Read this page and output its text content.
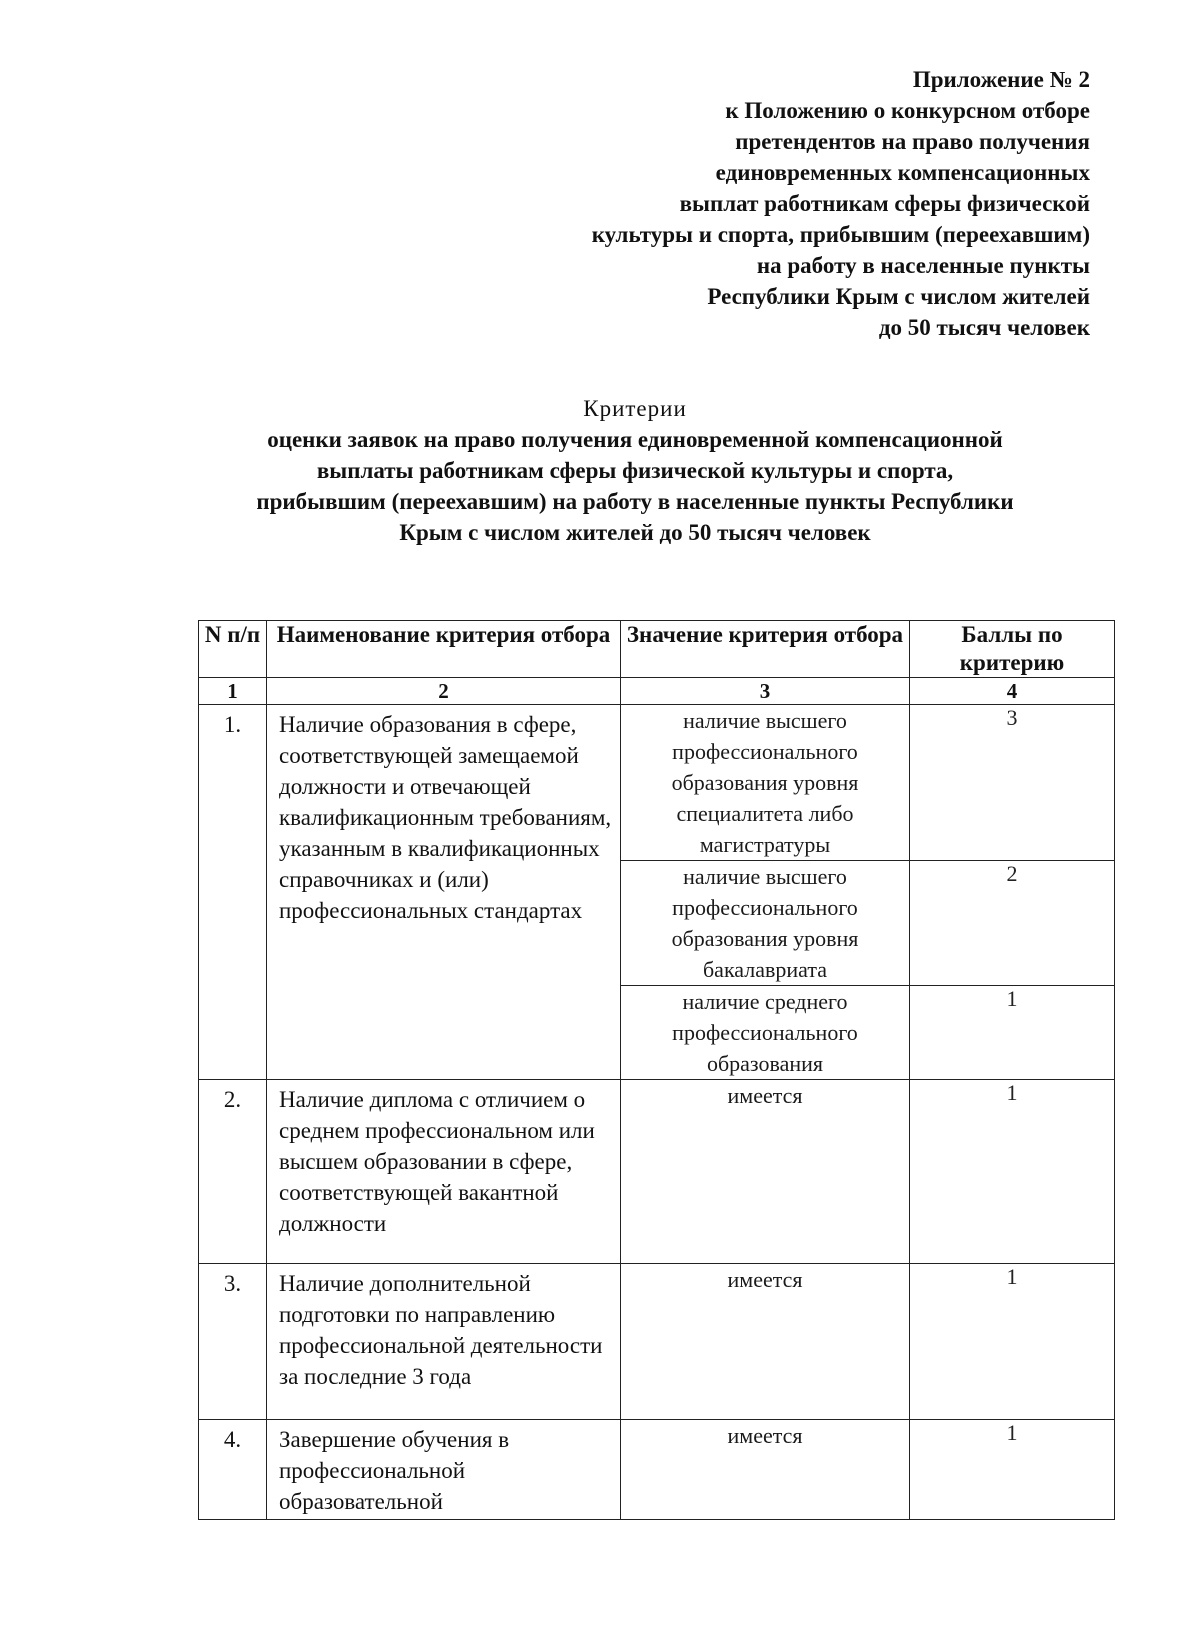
Приложение № 2
к Положению о конкурсном отборе
претендентов на право получения
единовременных компенсационных
выплат работникам сферы физической
культуры и спорта, прибывшим (переехавшим)
на работу в населенные пункты
Республики Крым с числом жителей
до 50 тысяч человек
Критерии
оценки заявок на право получения единовременной компенсационной
выплаты работникам сферы физической культуры и спорта,
прибывшим (переехавшим) на работу в населенные пункты Республики
Крым с числом жителей до 50 тысяч человек
N п/п	Наименование критерия отбора	Значение критерия отбора	Баллы по критерию
1	2	3	4
1.	Наличие образования в сфере, соответствующей замещаемой должности и отвечающей квалификационным требованиям, указанным в квалификационных справочниках и (или) профессиональных стандартах	наличие высшего профессионального образования уровня специалитета либо магистратуры	3
		наличие высшего профессионального образования уровня бакалавриата	2
		наличие среднего профессионального образования	1
2.	Наличие диплома с отличием о среднем профессиональном или высшем образовании в сфере, соответствующей вакантной должности	имеется	1
3.	Наличие дополнительной подготовки по направлению профессиональной деятельности за последние 3 года	имеется	1
4.	Завершение обучения в профессиональной образовательной	имеется	1
